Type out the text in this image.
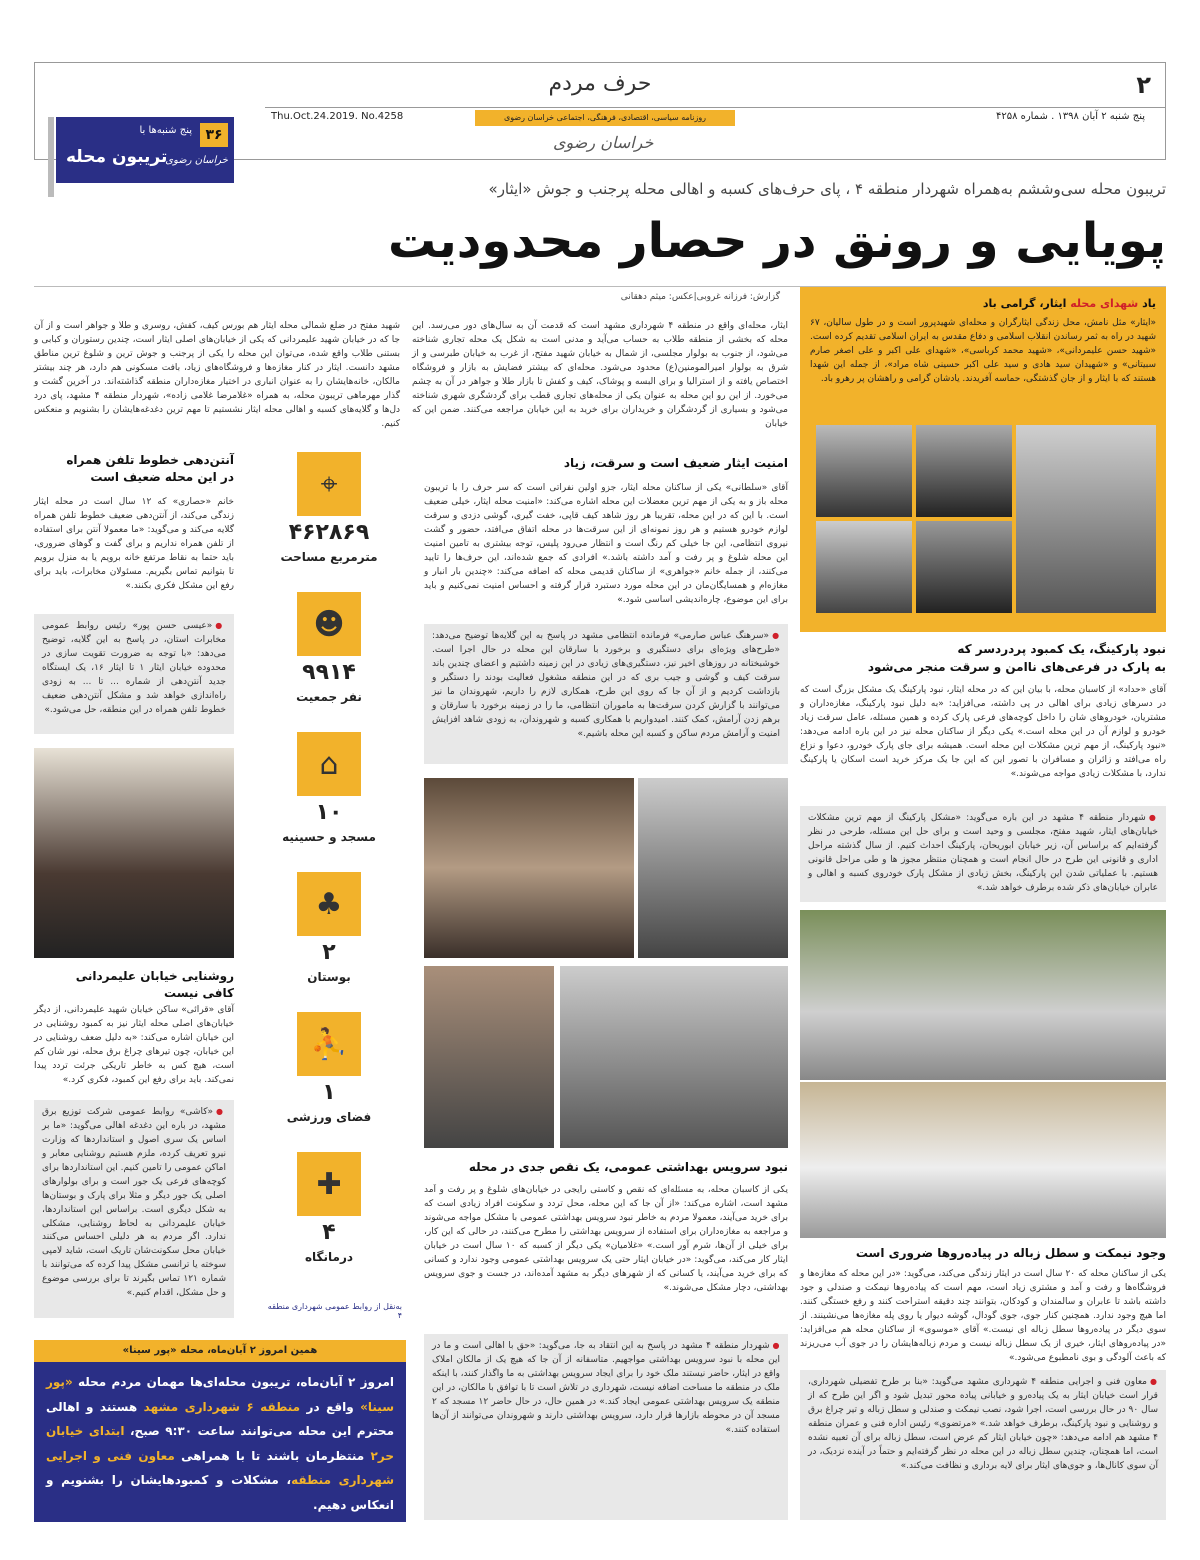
۲
حرف مردم
پنج شنبه ۲ آبان ۱۳۹۸ . شماره ۴۲۵۸
روزنامه سیاسی، اقتصادی، فرهنگی، اجتماعی خراسان رضوی
Thu.Oct.24.2019. No.4258
خراسان رضوی
۳۶
پنج شنبه‌ها با
خراسان رضوی
تریبون محله
تریبون محله سی‌وششم به‌همراه شهردار منطقه ۴ ، پای حرف‌های کسبه و اهالی محله پرجنب و جوش «ایثار»
پویایی و رونق در حصار محدودیت
گزارش: فرزانه غروبی|عکس: میثم دهقانی
ایثار، محله‌ای واقع در منطقه ۴ شهرداری مشهد است که قدمت آن به سال‌های دور می‌رسد. این محله که بخشی از منطقه طلاب به حساب می‌آید و مدنی است به شکل یک محله تجاری شناخته می‌شود، از جنوب به بولوار مجلسی، از شمال به خیابان شهید مفتح، از غرب به خیابان طبرسی و از شرق به بولوار امیرالمومنین(ع) محدود می‌شود. محله‌ای که بیشتر فضایش به بازار و فروشگاه اختصاص یافته و از استرالیا و برای البسه و پوشاک، کیف و کفش تا بازار طلا و جواهر در آن به چشم می‌خورد. از این رو این محله به عنوان یکی از محله‌های تجاری قطب برای گردشگری شهری شناخته می‌شود و بسیاری از گردشگران و خریداران برای خرید به این خیابان مراجعه می‌کنند. ضمن این که خیابان
شهید مفتح در ضلع شمالی محله ایثار هم بورس کیف، کفش، روسری و طلا و جواهر است و از آن جا که در خیابان شهید علیمردانی که یکی از خیابان‌های اصلی ایثار است، چندین رستوران و کبابی و بستنی طلاب واقع شده، می‌توان این محله را یکی از پرجنب و جوش ترین و شلوغ ترین مناطق مشهد دانست. ایثار در کنار مغازه‌ها و فروشگاه‌های زیاد، بافت مسکونی هم دارد، هر چند بیشتر مالکان، خانه‌هایشان را به عنوان انباری در اختیار مغازه‌داران منطقه گذاشته‌اند. در آخرین گشت و گذار مهرماهی تریبون محله، به همراه «غلامرضا غلامی زاده»، شهردار منطقه ۴ مشهد، پای درد دل‌ها و گلایه‌های کسبه و اهالی محله ایثار نشستیم تا مهم ترین دغدغه‌هایشان را بشنویم و منعکس کنیم.
یاد شهدای محله ایثار، گرامی باد
«ایثار» مثل نامش، محل زندگی ایثارگران و محله‌ای شهیدپرور است و در طول سالیان، ۶۷ شهید در راه به ثمر رساندن انقلاب اسلامی و دفاع مقدس به ایران اسلامی تقدیم کرده است. «شهید حسن علیمردانی»، «شهید محمد کرباسی»، «شهدای علی اکبر و علی اصغر صارم سبیتانی» و «شهیدان سید هادی و سید علی اکبر حسینی شاه مراد»، از جمله این شهدا هستند که با ایثار و از جان گذشتگی، حماسه آفریدند. یادشان گرامی و راهشان پر رهرو باد.
نبود پارکینگ، یک کمبود پردردسر که
به پارک در فرعی‌های ناامن و سرقت منجر می‌شود
آقای «حداد» از کاسبان محله، با بیان این که در محله ایثار، نبود پارکینگ یک مشکل بزرگ است که در دسرهای زیادی برای اهالی در پی داشته، می‌افزاید: «به دلیل نبود پارکینگ، مغازه‌داران و مشتریان، خودروهای شان را داخل کوچه‌های فرعی پارک کرده و همین مسئله، عامل سرقت زیاد خودرو و لوازم آن در این محله است.» یکی دیگر از ساکنان محله نیز در این باره ادامه می‌دهد: «نبود پارکینگ، از مهم ترین مشکلات این محله است. همیشه برای جای پارک خودرو، دعوا و نزاع راه می‌افتد و زائران و مسافران با تصور این که این جا یک مرکز خرید است اسکان یا پارکینگ ندارد، با مشکلات زیادی مواجه می‌شوند.»
● شهردار منطقه ۴ مشهد در این باره می‌گوید: «مشکل پارکینگ از مهم ترین مشکلات خیابان‌های ایثار، شهید مفتح، مجلسی و وحید است و برای حل این مسئله، طرحی در نظر گرفته‌ایم که براساس آن، زیر خیابان ابوریحان، پارکینگ احداث کنیم. از سال گذشته مراحل اداری و قانونی این طرح در حال انجام است و همچنان منتظر مجوز ها و طی مراحل قانونی هستیم. با عملیاتی شدن این پارکینگ، بخش زیادی از مشکل پارک خودروی کسبه و اهالی و عابران خیابان‌های ذکر شده برطرف خواهد شد.»
وجود نیمکت و سطل زباله در پیاده‌روها ضروری است
یکی از ساکنان محله که ۲۰ سال است در ایثار زندگی می‌کند، می‌گوید: «در این محله که مغازه‌ها و فروشگاه‌ها و رفت و آمد و مشتری زیاد است، مهم است که پیاده‌روها نیمکت و صندلی و جود داشته باشد تا عابران و سالمندان و کودکان، بتوانند چند دقیقه استراحت کنند و رفع خستگی کنند. اما هیچ وجود ندارد. همچنین کنار جوی، جوی گودال، گوشه دیوار یا روی پله مغازه‌ها می‌نشینند. از سوی دیگر در پیاده‌روها سطل زباله ای نیست.» آقای «موسوی» از ساکنان محله هم می‌افزاید: «در پیاده‌روهای ایثار، خیری از یک سطل زباله نیست و مردم زباله‌هایشان را در جوی آب می‌ریزند که باعث آلودگی و بوی نامطبوع می‌شود.»
● معاون فنی و اجرایی منطقه ۴ شهرداری مشهد می‌گوید: «بنا بر طرح تفضیلی شهرداری، قرار است خیابان ایثار به یک پیاده‌رو و خیابانی پیاده محور تبدیل شود و اگر این طرح که از سال ۹۰ در حال بررسی است، اجرا شود، نصب نیمکت و صندلی و سطل زباله و تیر چراغ برق و روشنایی و نبود پارکینگ، برطرف خواهد شد.» «مرتضوی» رئیس اداره فنی و عمران منطقه ۴ مشهد هم ادامه می‌دهد: «چون خیابان ایثار کم عرض است، سطل زباله برای آن تعبیه نشده است، اما همچنان، چندین سطل زباله در این محله در نظر گرفته‌ایم و حتماً در آینده نزدیک، در آن سوی کانال‌ها، و جوی‌های ایثار برای لایه برداری و نظافت می‌کند.»
امنیت ایثار ضعیف است و سرقت، زیاد
آقای «سلطانی» یکی از ساکنان محله ایثار، جزو اولین نفراتی است که سر حرف را با تریبون محله باز و به یکی از مهم ترین معضلات این محله اشاره می‌کند: «امنیت محله ایثار، خیلی ضعیف است. با این که در این محله، تقریبا هر روز شاهد کیف قاپی، خفت گیری، گوشی دزدی و سرقت لوازم خودرو هستیم و هر روز نمونه‌ای از این سرقت‌ها در محله اتفاق می‌افتد، حضور و گشت نیروی انتظامی، این جا خیلی کم رنگ است و انتظار می‌رود پلیس، توجه بیشتری به تامین امنیت این محله شلوغ و پر رفت و آمد داشته باشد.» افرادی که جمع شده‌اند، این حرف‌ها را تایید می‌کنند، از جمله خانم «جواهری» از ساکنان قدیمی محله که اضافه می‌کند: «چندین بار انبار و مغازه‌ام و همسایگان‌مان در این محله مورد دستبرد قرار گرفته و احساس امنیت نمی‌کنیم و باید برای این موضوع، چاره‌اندیشی اساسی شود.»
● «سرهنگ عباس صارمی» فرمانده انتظامی مشهد در پاسخ به این گلایه‌ها توضیح می‌دهد: «طرح‌های ویژه‌ای برای دستگیری و برخورد با سارقان این محله در حال اجرا است. خوشبختانه در روزهای اخیر نیز، دستگیری‌های زیادی در این زمینه داشتیم و اعضای چندین باند سرقت کیف و گوشی و جیب بری که در این منطقه مشغول فعالیت بودند را دستگیر و بازداشت کردیم و از آن جا که روی این طرح، همکاری لازم را داریم، شهروندان ما نیز می‌توانند با گزارش کردن سرقت‌ها به ماموران انتظامی، ما را در زمینه برخورد با سارقان و برهم زدن آرامش، کمک کنند. امیدواریم با همکاری کسبه و شهروندان، به زودی شاهد افزایش امنیت و آرامش مردم ساکن و کسبه این محله باشیم.»
نبود سرویس بهداشتی عمومی، یک نقص جدی در محله
یکی از کاسبان محله، به مسئله‌ای که نقص و کاستی رایجی در خیابان‌های شلوغ و پر رفت و آمد مشهد است، اشاره می‌کند: «از آن جا که این محله، محل تردد و سکونت افراد زیادی است که برای خرید می‌آیند، معمولا مردم به خاطر نبود سرویس بهداشتی عمومی با مشکل مواجه می‌شوند و مراجعه به مغازه‌داران برای استفاده از سرویس بهداشتی را مطرح می‌کنند، در حالی که این کار، برای خیلی از آن‌ها، شرم آور است.» «غلامیان» یکی دیگر از کسبه که ۱۰ سال است در خیابان ایثار کار می‌کند، می‌گوید: «در خیابان ایثار حتی یک سرویس بهداشتی عمومی وجود ندارد و کسانی که برای خرید می‌آیند، یا کسانی که از شهرهای دیگر به مشهد آمده‌اند، در جست و جوی سرویس بهداشتی، دچار مشکل می‌شوند.»
● شهردار منطقه ۴ مشهد در پاسخ به این انتقاد به جا، می‌گوید: «حق با اهالی است و ما در این محله با نبود سرویس بهداشتی مواجهیم. متاسفانه از آن جا که هیچ یک از مالکان املاک واقع در ایثار، حاضر نیستند ملک خود را برای ایجاد سرویس بهداشتی به ما واگذار کنند، با اینکه ملک در منطقه ما مساحت اضافه نیست، شهرداری در تلاش است تا با توافق با مالکان، در این منطقه یک سرویس بهداشتی عمومی ایجاد کند.» در همین حال، در حال حاضر ۱۲ مسجد که ۲ مسجد آن در محوطه بازارها قرار دارد، سرویس بهداشتی دارند و شهروندان می‌توانند از آن‌ها استفاده کنند.»
⌖
۴۶۲۸۶۹
مترمربع مساحت
☻
۹۹۱۴
نفر جمعیت
⌂
۱۰
مسجد و حسینیه
♣
۲
بوستان
⛹
۱
فضای ورزشی
✚
۴
درمانگاه
به‌نقل از روابط عمومی شهرداری منطقه ۴
آنتن‌دهی خطوط تلفن همراه
در این محله ضعیف است
خانم «حصاری» که ۱۲ سال است در محله ایثار زندگی می‌کند، از آنتن‌دهی ضعیف خطوط تلفن همراه گلایه می‌کند و می‌گوید: «ما معمولا آنتن برای استفاده از تلفن همراه نداریم و برای گفت و گوهای ضروری، باید حتما به نقاط مرتفع خانه برویم یا به منزل برویم تا بتوانیم تماس بگیریم. مسئولان مخابرات، باید برای رفع این مشکل فکری بکنند.»
● «عیسی حسن پور» رئیس روابط عمومی مخابرات استان، در پاسخ به این گلایه، توضیح می‌دهد: «با توجه به ضرورت تقویت سازی در محدوده خیابان ایثار ۱ تا ایثار ۱۶، یک ایستگاه جدید آنتن‌دهی از شماره ... تا ... به زودی راه‌اندازی خواهد شد و مشکل آنتن‌دهی ضعیف خطوط تلفن همراه در این منطقه، حل می‌شود.»
روشنایی خیابان علیمردانی
کافی نیست
آقای «قرائی» ساکن خیابان شهید علیمردانی، از دیگر خیابان‌های اصلی محله ایثار نیز به کمبود روشنایی در این خیابان اشاره می‌کند: «به دلیل ضعف روشنایی در این خیابان، چون تیرهای چراغ برق محله، نور شان کم است، هیچ کس به خاطر تاریکی جرئت تردد پیدا نمی‌کند. باید برای رفع این کمبود، فکری کرد.»
● «کاشی» روابط عمومی شرکت توزیع برق مشهد، در باره این دغدغه اهالی می‌گوید: «ما بر اساس یک سری اصول و استانداردها که وزارت نیرو تعریف کرده، ملزم هستیم روشنایی معابر و اماکن عمومی را تامین کنیم. این استانداردها برای کوچه‌های فرعی یک جور است و برای بولوارهای اصلی یک جور دیگر و مثلا برای پارک و بوستان‌ها به شکل دیگری است. براساس این استانداردها، خیابان علیمردانی به لحاظ روشنایی، مشکلی ندارد. اگر مردم به هر دلیلی احساس می‌کنند خیابان محل سکونت‌شان تاریک است، شاید لامپی سوخته یا ترانسی مشکل پیدا کرده که می‌توانند با شماره ۱۲۱ تماس بگیرند تا برای بررسی موضوع و حل مشکل، اقدام کنیم.»
همین امروز ۲ آبان‌ماه، محله «پور سینا»
امروز ۲ آبان‌ماه، تریبون محله‌ای‌ها مهمان مردم محله «پور سینا» واقع در منطقه ۶ شهرداری مشهد هستند و اهالی محترم این محله می‌توانند ساعت ۹:۳۰ صبح، ابتدای خیابان حر۲ منتظرمان باشند تا با همراهی معاون فنی و اجرایی شهرداری منطقه، مشکلات و کمبودهایشان را بشنویم و انعکاس دهیم.
